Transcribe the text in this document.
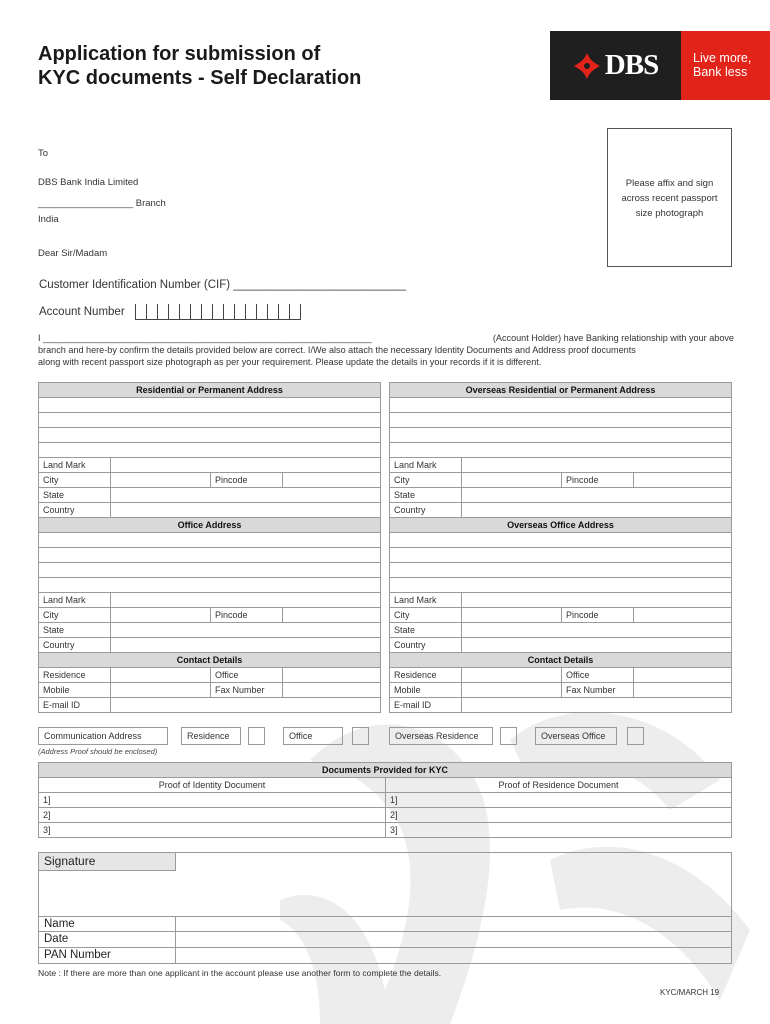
Application for submission of
KYC documents - Self Declaration	DBS	Live more,
Bank less
Please affix and sign
across recent passport
size photograph
To
DBS Bank India Limited
__________________ Branch
India
Dear Sir/Madam
Customer Identification Number (CIF) ___________________________
Account Number
I _________________________________________________________________	(Account Holder) have Banking relationship with your above
branch and here-by confirm the details provided below are correct. I/We also attach the necessary Identity Documents and Address proof documents
along with recent passport size photograph as per your requirement. Please update the details in your records if it is different.
Residential or Permanent Address			

Land Mark			
City		Pincode	
State			
Country			
Office Address			

Land Mark			
City		Pincode	
State			
Country			
Contact Details			
Residence		Office	
Mobile		Fax Number	
E-mail ID			
Overseas Residential or Permanent Address			

Land Mark			
City		Pincode	
State			
Country			
Overseas Office Address			

Land Mark			
City		Pincode	
State			
Country			
Contact Details			
Residence		Office	
Mobile		Fax Number	
E-mail ID			
Communication Address	Residence	Office	Overseas Residence	Overseas Office
(Address Proof should be enclosed)
Documents Provided for KYC	
Proof of Identity Document	Proof of Residence Document
1]	1]
2]	2]
3]	3]
Signature
Name
Date
PAN Number
Note : If there are more than one applicant in the account please use another form to complete the details.
KYC/MARCH 19
